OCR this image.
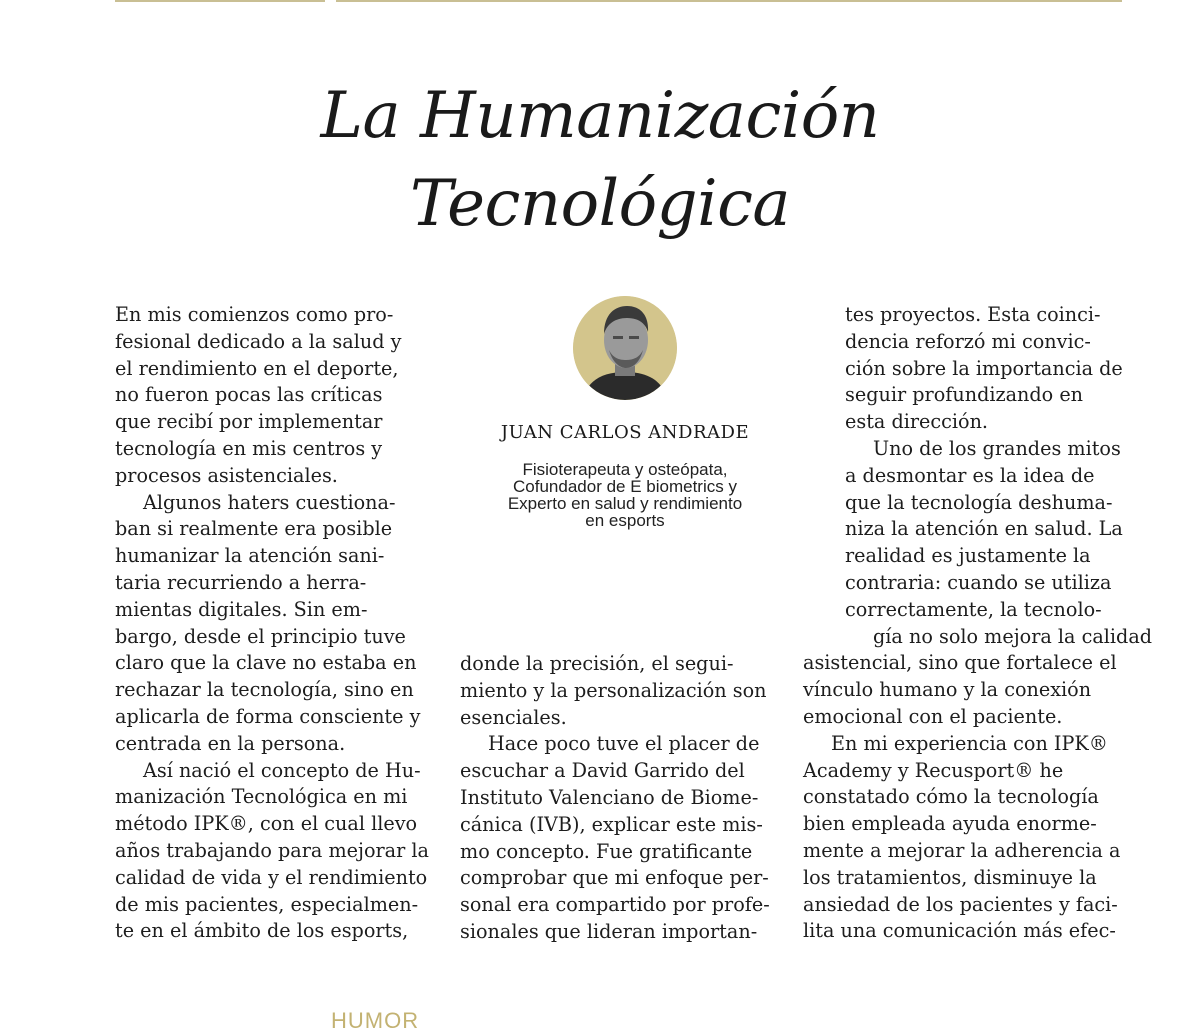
La Humanización
Tecnológica
En mis comienzos como pro-
fesional dedicado a la salud y
el rendimiento en el deporte,
no fueron pocas las críticas
que recibí por implementar
tecnología en mis centros y
procesos asistenciales.
Algunos haters cuestiona-
ban si realmente era posible
humanizar la atención sani-
taria recurriendo a herra-
mientas digitales. Sin em-
bargo, desde el principio tuve
claro que la clave no estaba en
rechazar la tecnología, sino en
aplicarla de forma consciente y
centrada en la persona.
Así nació el concepto de Hu-
manización Tecnológica en mi
método IPK®, con el cual llevo
años trabajando para mejorar la
calidad de vida y el rendimiento
de mis pacientes, especialmen-
te en el ámbito de los esports,
JUAN CARLOS ANDRADE
Fisioterapeuta y osteópata,
Cofundador de E biometrics y
Experto en salud y rendimiento
en esports
donde la precisión, el segui-
miento y la personalización son
esenciales.
Hace poco tuve el placer de
escuchar a David Garrido del
Instituto Valenciano de Biome-
cánica (IVB), explicar este mis-
mo concepto. Fue gratificante
comprobar que mi enfoque per-
sonal era compartido por profe-
sionales que lideran importan-
tes proyectos. Esta coinci-
dencia reforzó mi convic-
ción sobre la importancia de
seguir profundizando en
esta dirección.
Uno de los grandes mitos
a desmontar es la idea de
que la tecnología deshuma-
niza la atención en salud. La
realidad es justamente la
contraria: cuando se utiliza
correctamente, la tecnolo-
gía no solo mejora la calidad
asistencial, sino que fortalece el
vínculo humano y la conexión
emocional con el paciente.
En mi experiencia con IPK®
Academy y Recusport® he
constatado cómo la tecnología
bien empleada ayuda enorme-
mente a mejorar la adherencia a
los tratamientos, disminuye la
ansiedad de los pacientes y faci-
lita una comunicación más efec-
HUMOR
